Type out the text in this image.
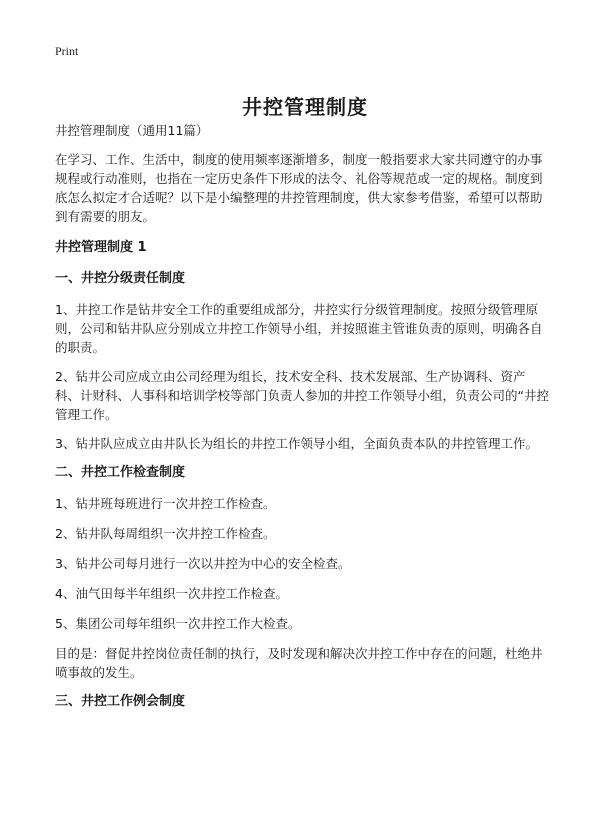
Print
井控管理制度

井控管理制度（通用11篇）

在学习、工作、生活中，制度的使用频率逐渐增多，制度一般指要求大家共同遵守的办事规程或行动准则，也指在一定历史条件下形成的法令、礼俗等规范或一定的规格。制度到底怎么拟定才合适呢？以下是小编整理的井控管理制度，供大家参考借鉴，希望可以帮助到有需要的朋友。

井控管理制度 1
一、井控分级责任制度

1、井控工作是钻井安全工作的重要组成部分，井控实行分级管理制度。按照分级管理原则，公司和钻井队应分别成立井控工作领导小组，并按照谁主管谁负责的原则，明确各自的职责。

2、钻井公司应成立由公司经理为组长，技术安全科、技术发展部、生产协调科、资产科、计财科、人事科和培训学校等部门负责人参加的井控工作领导小组，负责公司的“井控管理工作。

3、钻井队应成立由井队长为组长的井控工作领导小组，全面负责本队的井控管理工作。

二、井控工作检查制度

1、钻井班每班进行一次井控工作检查。

2、钻井队每周组织一次井控工作检查。

3、钻井公司每月进行一次以井控为中心的安全检查。

4、油气田每半年组织一次井控工作检查。

5、集团公司每年组织一次井控工作大检查。

目的是：督促井控岗位责任制的执行，及时发现和解决次井控工作中存在的问题，杜绝井喷事故的发生。

三、井控工作例会制度
